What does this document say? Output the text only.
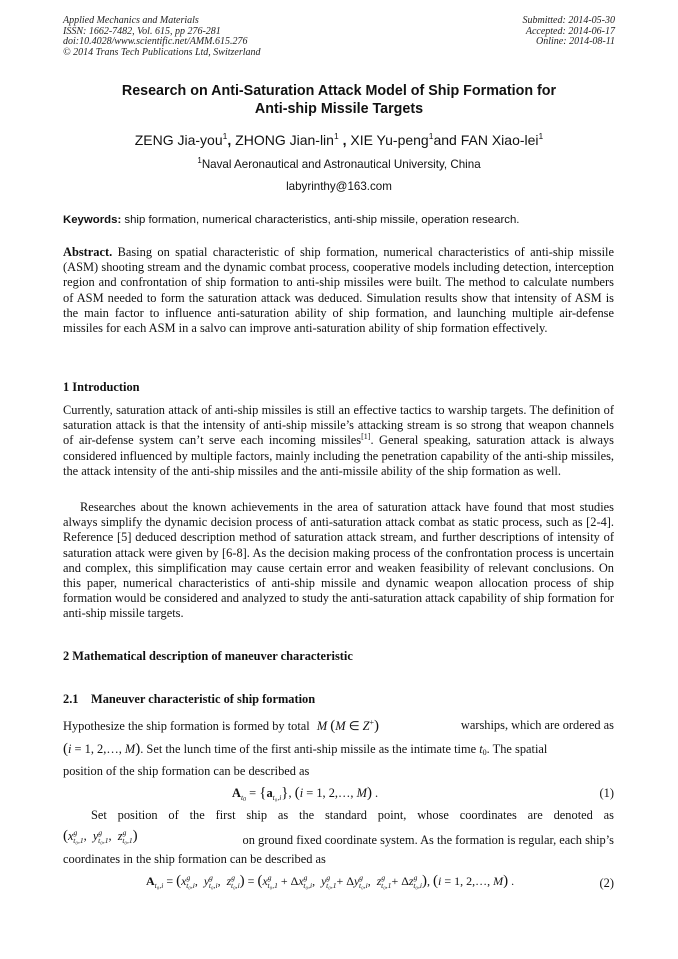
Applied Mechanics and Materials
ISSN: 1662-7482, Vol. 615, pp 276-281
doi:10.4028/www.scientific.net/AMM.615.276
© 2014 Trans Tech Publications Ltd, Switzerland
Submitted: 2014-05-30
Accepted: 2014-06-17
Online: 2014-08-11
Research on Anti-Saturation Attack Model of Ship Formation for
Anti-ship Missile Targets
ZENG Jia-you$^1$, ZHONG Jian-lin$^1$ , XIE Yu-peng$^1$and FAN Xiao-lei$^1$
$^1$Naval Aeronautical and Astronautical University, China
labyrinthy@163.com
Keywords: ship formation, numerical characteristics, anti-ship missile, operation research.
Abstract. Basing on spatial characteristic of ship formation, numerical characteristics of anti-ship missile (ASM) shooting stream and the dynamic combat process, cooperative models including detection, interception region and confrontation of ship formation to anti-ship missiles were built. The method to calculate numbers of ASM needed to form the saturation attack was deduced. Simulation results show that intensity of ASM is the main factor to influence anti-saturation ability of ship formation, and launching multiple air-defense missiles for each ASM in a salvo can improve anti-saturation ability of ship formation effectively.
1 Introduction
Currently, saturation attack of anti-ship missiles is still an effective tactics to warship targets. The definition of saturation attack is that the intensity of anti-ship missile’s attacking stream is so strong that weapon channels of air-defense system can’t serve each incoming missiles[1]. General speaking, saturation attack is always considered influenced by multiple factors, mainly including the penetration capability of the anti-ship missiles, the attack intensity of the anti-ship missiles and the anti-missile ability of the ship formation as well.
Researches about the known achievements in the area of saturation attack have found that most studies always simplify the dynamic decision process of anti-saturation attack combat as static process, such as [2-4]. Reference [5] deduced description method of saturation attack stream, and further descriptions of intensity of saturation attack were given by [6-8]. As the decision making process of the confrontation process is uncertain and complex, this simplification may cause certain error and weaken feasibility of relevant conclusions. On this paper, numerical characteristics of anti-ship missile and dynamic weapon allocation process of ship formation would be considered and analyzed to study the anti-saturation attack capability of ship formation for anti-ship missile targets.
2 Mathematical description of maneuver characteristic
2.1 Maneuver characteristic of ship formation
Hypothesize the ship formation is formed by total M (M ∈ Z+)	warships, which are ordered as
(i = 1, 2,…, M). Set the lunch time of the first anti-ship missile as the intimate time t0. The spatial
position of the ship formation can be described as
$A_{t0} = \{a_{t_0,i}\}$, (i = 1, 2,…, M) .	(1)
Set position of the first ship as the standard point, whose coordinates are denoted as
($x^g_{t_0,1}$,  $y^g_{t_0,1}$,  $z^g_{t_0,1}$)	on ground fixed coordinate system. As the formation is regular, each ship’s
coordinates in the ship formation can be described as
$A_{t_0,i} = (x^g_{t_0,i}$,  $y^g_{t_0,i}$,  $z^g_{t_0,i}) = (x^g_{t_0,1} + \Delta x^g_{t_0,i}$,  $y^g_{t_0,1}+ \Delta y^g_{t_0,i}$,  $z^g_{t_0,1}+ \Delta z^g_{t_0,i}$), (i = 1, 2,…, M) .	(2)
